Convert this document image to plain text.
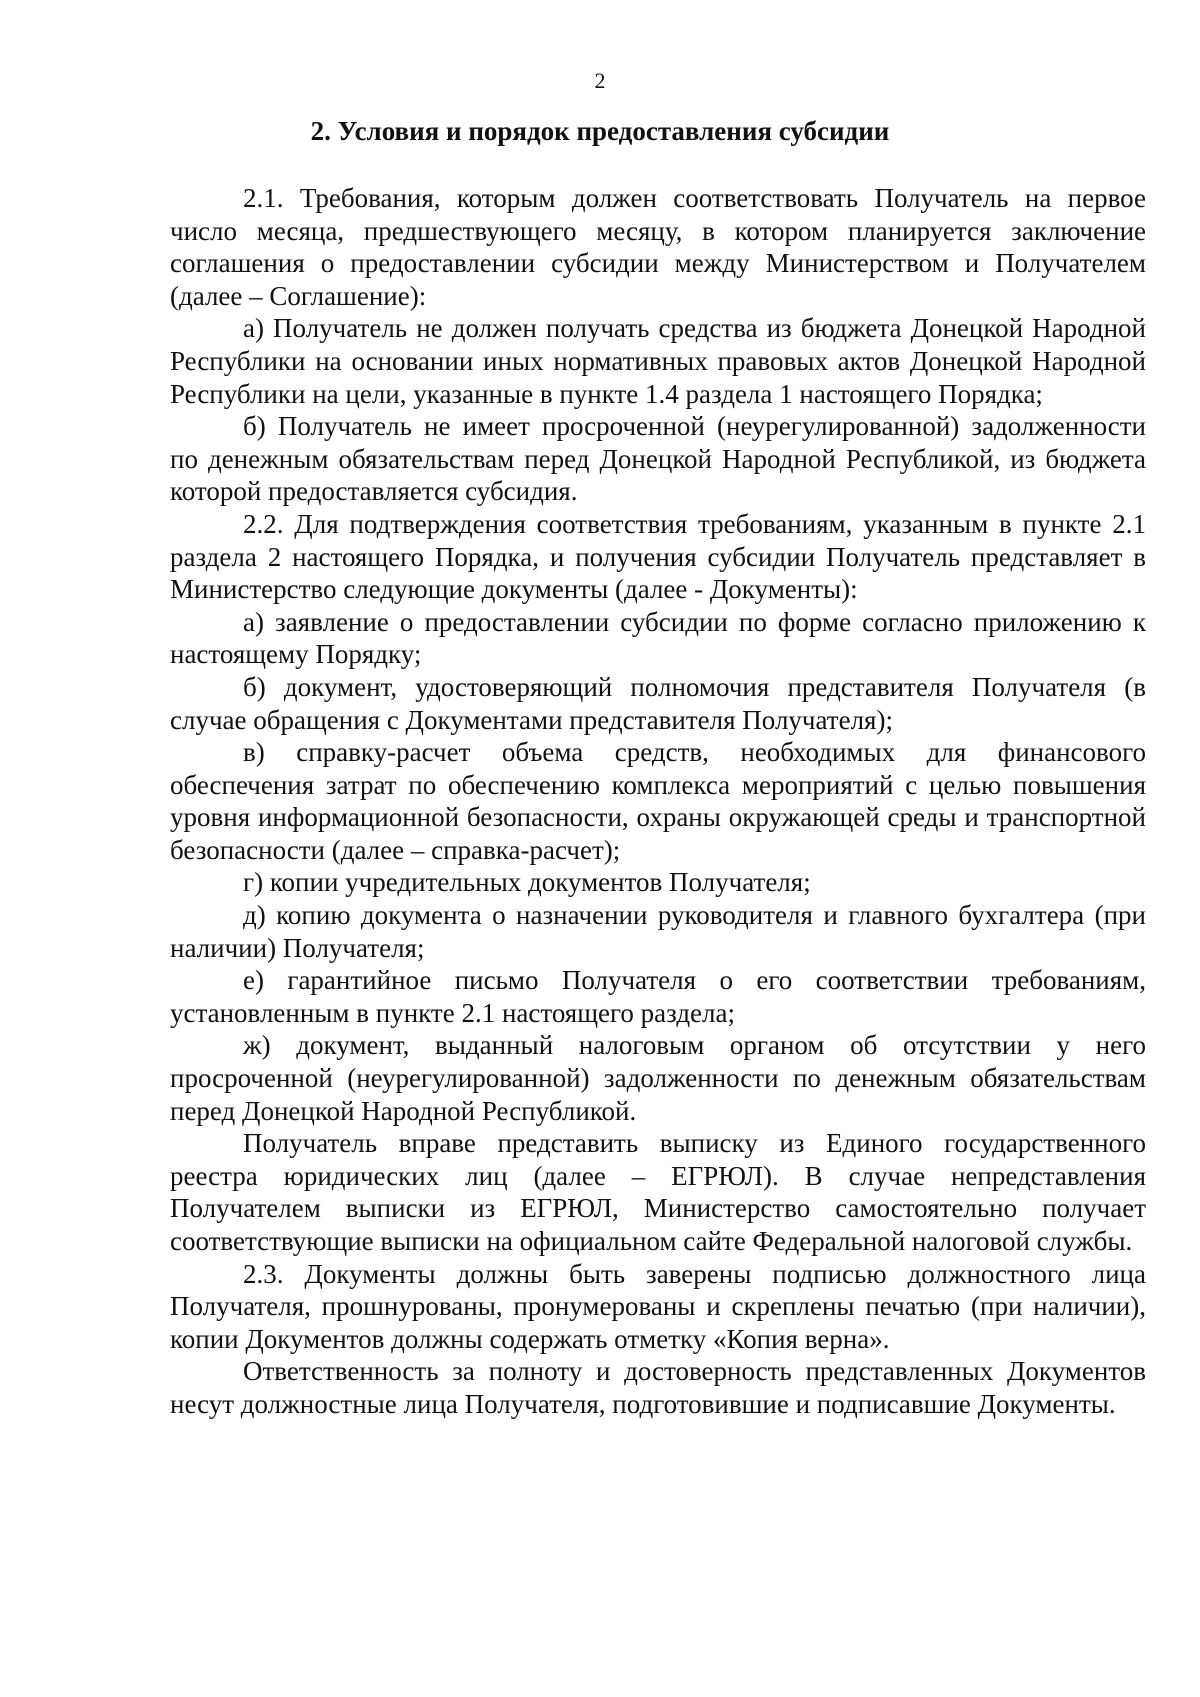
2
2. Условия и порядок предоставления субсидии

2.1. Требования, которым должен соответствовать Получатель на первое число месяца, предшествующего месяцу, в котором планируется заключение соглашения о предоставлении субсидии между Министерством и Получателем (далее – Соглашение):

а) Получатель не должен получать средства из бюджета Донецкой Народной Республики на основании иных нормативных правовых актов Донецкой Народной Республики на цели, указанные в пункте 1.4 раздела 1 настоящего Порядка;

б) Получатель не имеет просроченной (неурегулированной) задолженности по денежным обязательствам перед Донецкой Народной Республикой, из бюджета которой предоставляется субсидия.

2.2. Для подтверждения соответствия требованиям, указанным в пункте 2.1 раздела 2 настоящего Порядка, и получения субсидии Получатель представляет в Министерство следующие документы (далее - Документы):

а) заявление о предоставлении субсидии по форме согласно приложению к настоящему Порядку;

б) документ, удостоверяющий полномочия представителя Получателя (в случае обращения с Документами представителя Получателя);

в) справку-расчет объема средств, необходимых для финансового обеспечения затрат по обеспечению комплекса мероприятий с целью повышения уровня информационной безопасности, охраны окружающей среды и транспортной безопасности (далее – справка-расчет);

г) копии учредительных документов Получателя;

д) копию документа о назначении руководителя и главного бухгалтера (при наличии) Получателя;

е) гарантийное письмо Получателя о его соответствии требованиям, установленным в пункте 2.1 настоящего раздела;

ж) документ, выданный налоговым органом об отсутствии у него просроченной (неурегулированной) задолженности по денежным обязательствам перед Донецкой Народной Республикой.

Получатель вправе представить выписку из Единого государственного реестра юридических лиц (далее – ЕГРЮЛ). В случае непредставления Получателем выписки из ЕГРЮЛ, Министерство самостоятельно получает соответствующие выписки на официальном сайте Федеральной налоговой службы.

2.3. Документы должны быть заверены подписью должностного лица Получателя, прошнурованы, пронумерованы и скреплены печатью (при наличии), копии Документов должны содержать отметку «Копия верна».

Ответственность за полноту и достоверность представленных Документов несут должностные лица Получателя, подготовившие и подписавшие Документы.
